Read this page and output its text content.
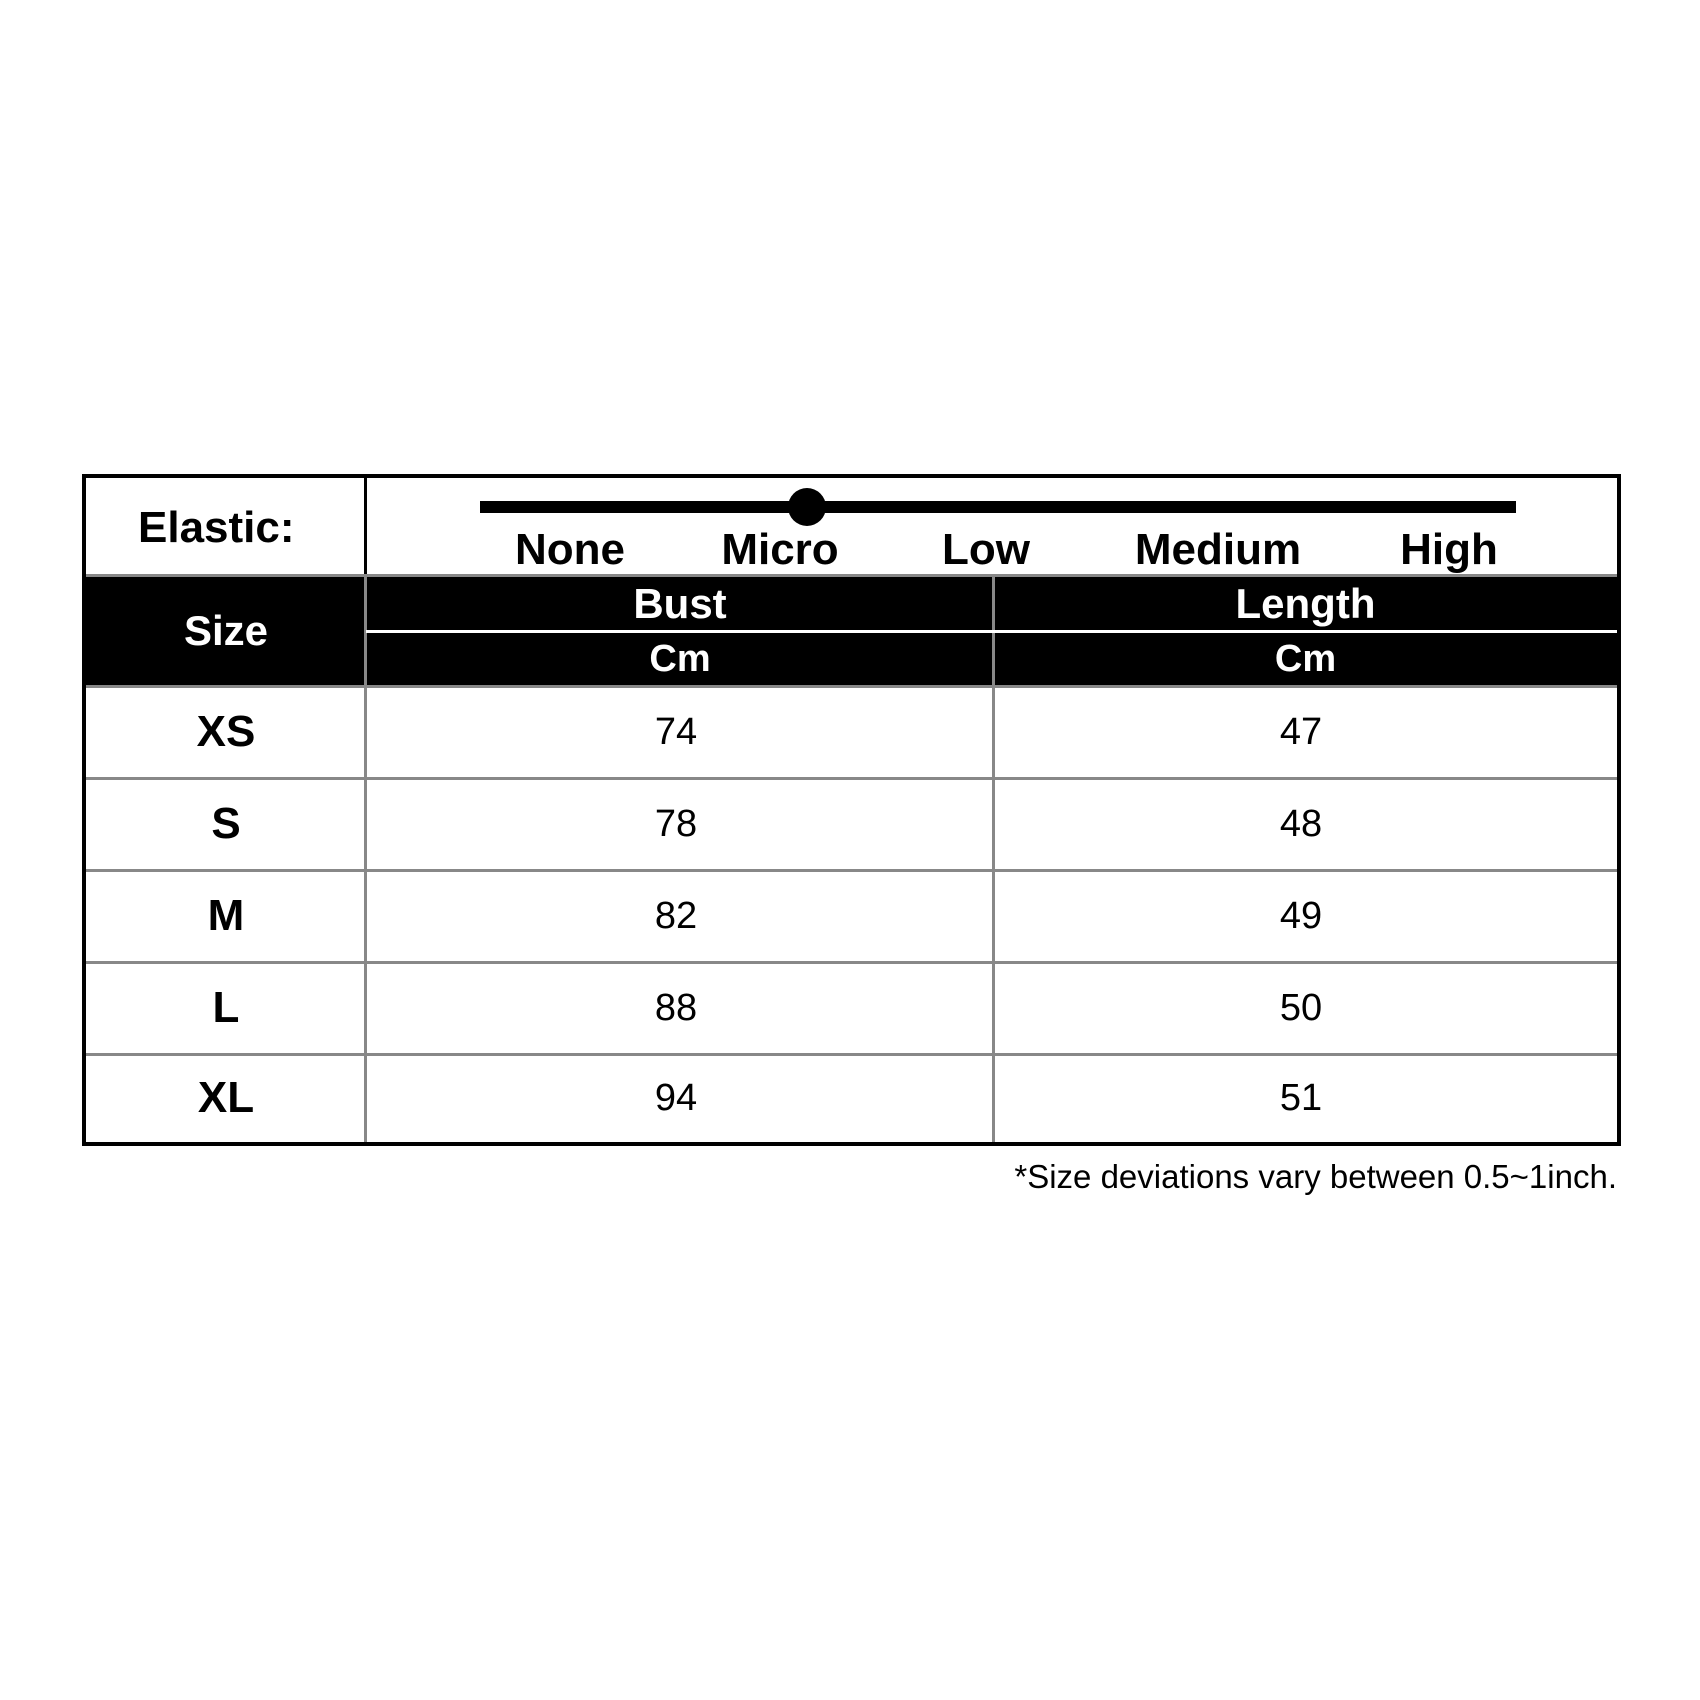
Elastic:	None Micro Low Medium High
Size
Bust	Length
Cm	Cm
XS	74	47
S	78	48
M	82	49
L	88	50
XL	94	51
*Size deviations vary between 0.5~1inch.
